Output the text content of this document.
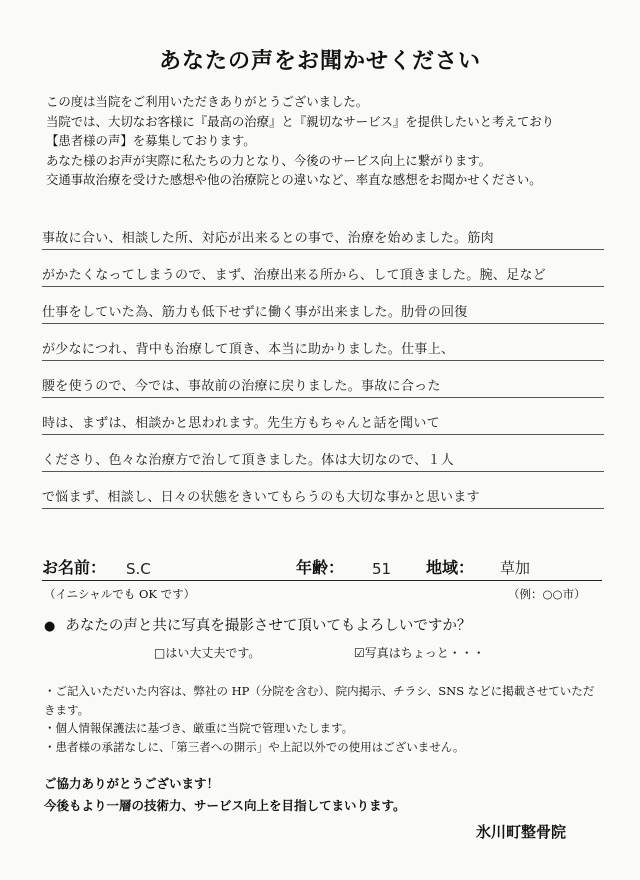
あなたの声をお聞かせください
この度は当院をご利用いただきありがとうございました。
当院では、大切なお客様に『最高の治療』と『親切なサービス』を提供したいと考えており
【患者様の声】を募集しております。
あなた様のお声が実際に私たちの力となり、今後のサービス向上に繋がります。
交通事故治療を受けた感想や他の治療院との違いなど、率直な感想をお聞かせください。
事故に合い、相談した所、対応が出来るとの事で、治療を始めました。筋肉
がかたくなってしまうので、まず、治療出来る所から、して頂きました。腕、足など
仕事をしていた為、筋力も低下せずに働く事が出来ました。肋骨の回復
が少なにつれ、背中も治療して頂き、本当に助かりました。仕事上、
腰を使うので、今では、事故前の治療に戻りました。事故に合った
時は、まずは、相談かと思われます。先生方もちゃんと話を聞いて
くださり、色々な治療方で治して頂きました。体は大切なので、１人
で悩まず、相談し、日々の状態をきいてもらうのも大切な事かと思います
お名前： S.C	年齢： 51 地域： 草加
（イニシャルでも OK です）	（例：○○市）
● あなたの声と共に写真を撮影させて頂いてもよろしいですか？
□はい大丈夫です。	☑写真はちょっと・・・
・ご記入いただいた内容は、弊社の HP（分院を含む）、院内掲示、チラシ、SNS などに掲載させていただ
きます。
・個人情報保護法に基づき、厳重に当院で管理いたします。
・患者様の承諾なしに、「第三者への開示」や上記以外での使用はございません。
ご協力ありがとうございます！
今後もより一層の技術力、サービス向上を目指してまいります。
氷川町整骨院
